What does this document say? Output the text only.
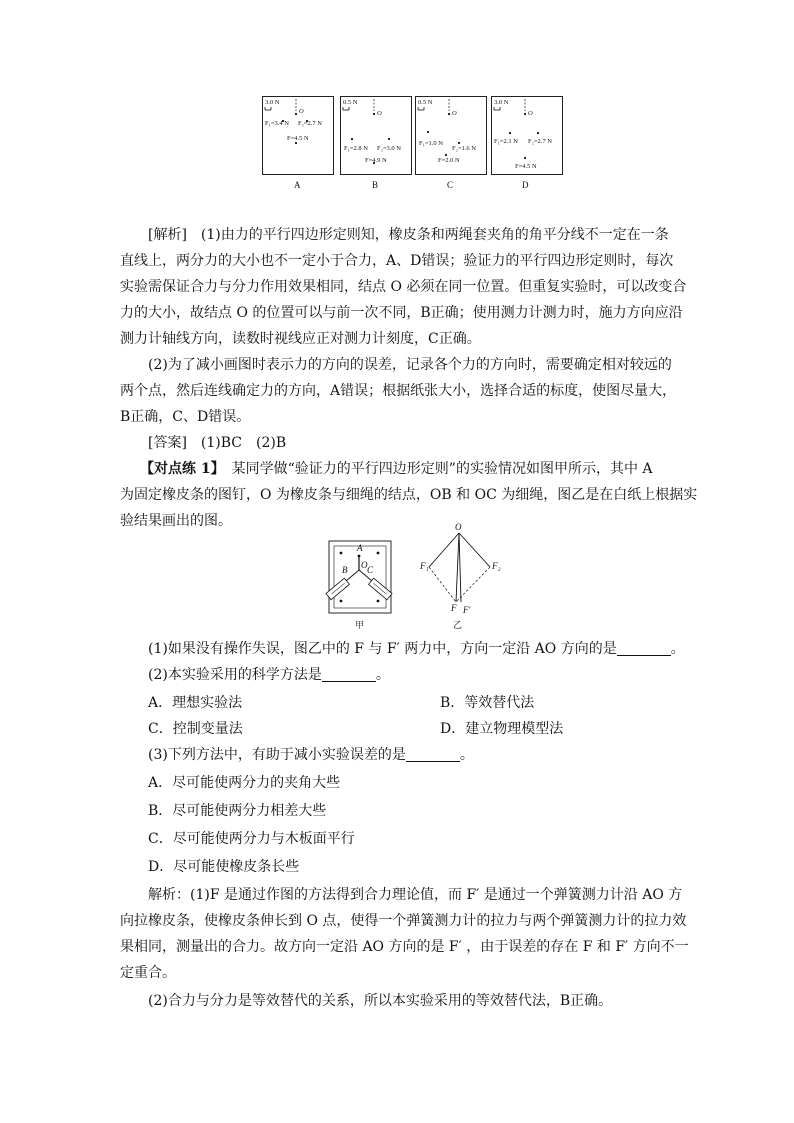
3.0 N
O
F₁=3.4 N F₂=2.7 N
F=4.5 N
0.5 N
O
F₁=2.8 N F₂=3.0 N
F=4.9 N
0.5 N
O
F₁=1.0 N
F₂=1.6 N
F=2.0 N
3.0 N
O
F₁=2.1 N F₂=2.7 N
F=4.5 N
A	B	C	D
[解析]　(1)由力的平行四边形定则知，橡皮条和两绳套夹角的角平分线不一定在一条
直线上，两分力的大小也不一定小于合力，A、D错误；验证力的平行四边形定则时，每次
实验需保证合力与分力作用效果相同，结点 O 必须在同一位置。但重复实验时，可以改变合
力的大小，故结点 O 的位置可以与前一次不同，B正确；使用测力计测力时，施力方向应沿
测力计轴线方向，读数时视线应正对测力计刻度，C正确。
(2)为了减小画图时表示力的方向的误差，记录各个力的方向时，需要确定相对较远的
两个点，然后连线确定力的方向，A错误；根据纸张大小，选择合适的标度，使图尽量大，
B正确，C、D错误。
[答案]　(1)BC　(2)B
【对点练 1】　某同学做“验证力的平行四边形定则”的实验情况如图甲所示，其中 A
为固定橡皮条的图钉，O 为橡皮条与细绳的结点，OB 和 OC 为细绳，图乙是在白纸上根据实
验结果画出的图。
A
O
B C
甲
O
F₁	F₂
F F′
乙
(1)如果没有操作失误，图乙中的 F 与 F′ 两力中，方向一定沿 AO 方向的是	。
(2)本实验采用的科学方法是	。
A．理想实验法	B．等效替代法
C．控制变量法	D．建立物理模型法
(3)下列方法中，有助于减小实验误差的是	。
A．尽可能使两分力的夹角大些
B．尽可能使两分力相差大些
C．尽可能使两分力与木板面平行
D．尽可能使橡皮条长些
解析：(1)F 是通过作图的方法得到合力理论值，而 F′ 是通过一个弹簧测力计沿 AO 方
向拉橡皮条，使橡皮条伸长到 O 点，使得一个弹簧测力计的拉力与两个弹簧测力计的拉力效
果相同，测量出的合力。故方向一定沿 AO 方向的是 F′ ，由于误差的存在 F 和 F′ 方向不一
定重合。
(2)合力与分力是等效替代的关系，所以本实验采用的等效替代法，B正确。
